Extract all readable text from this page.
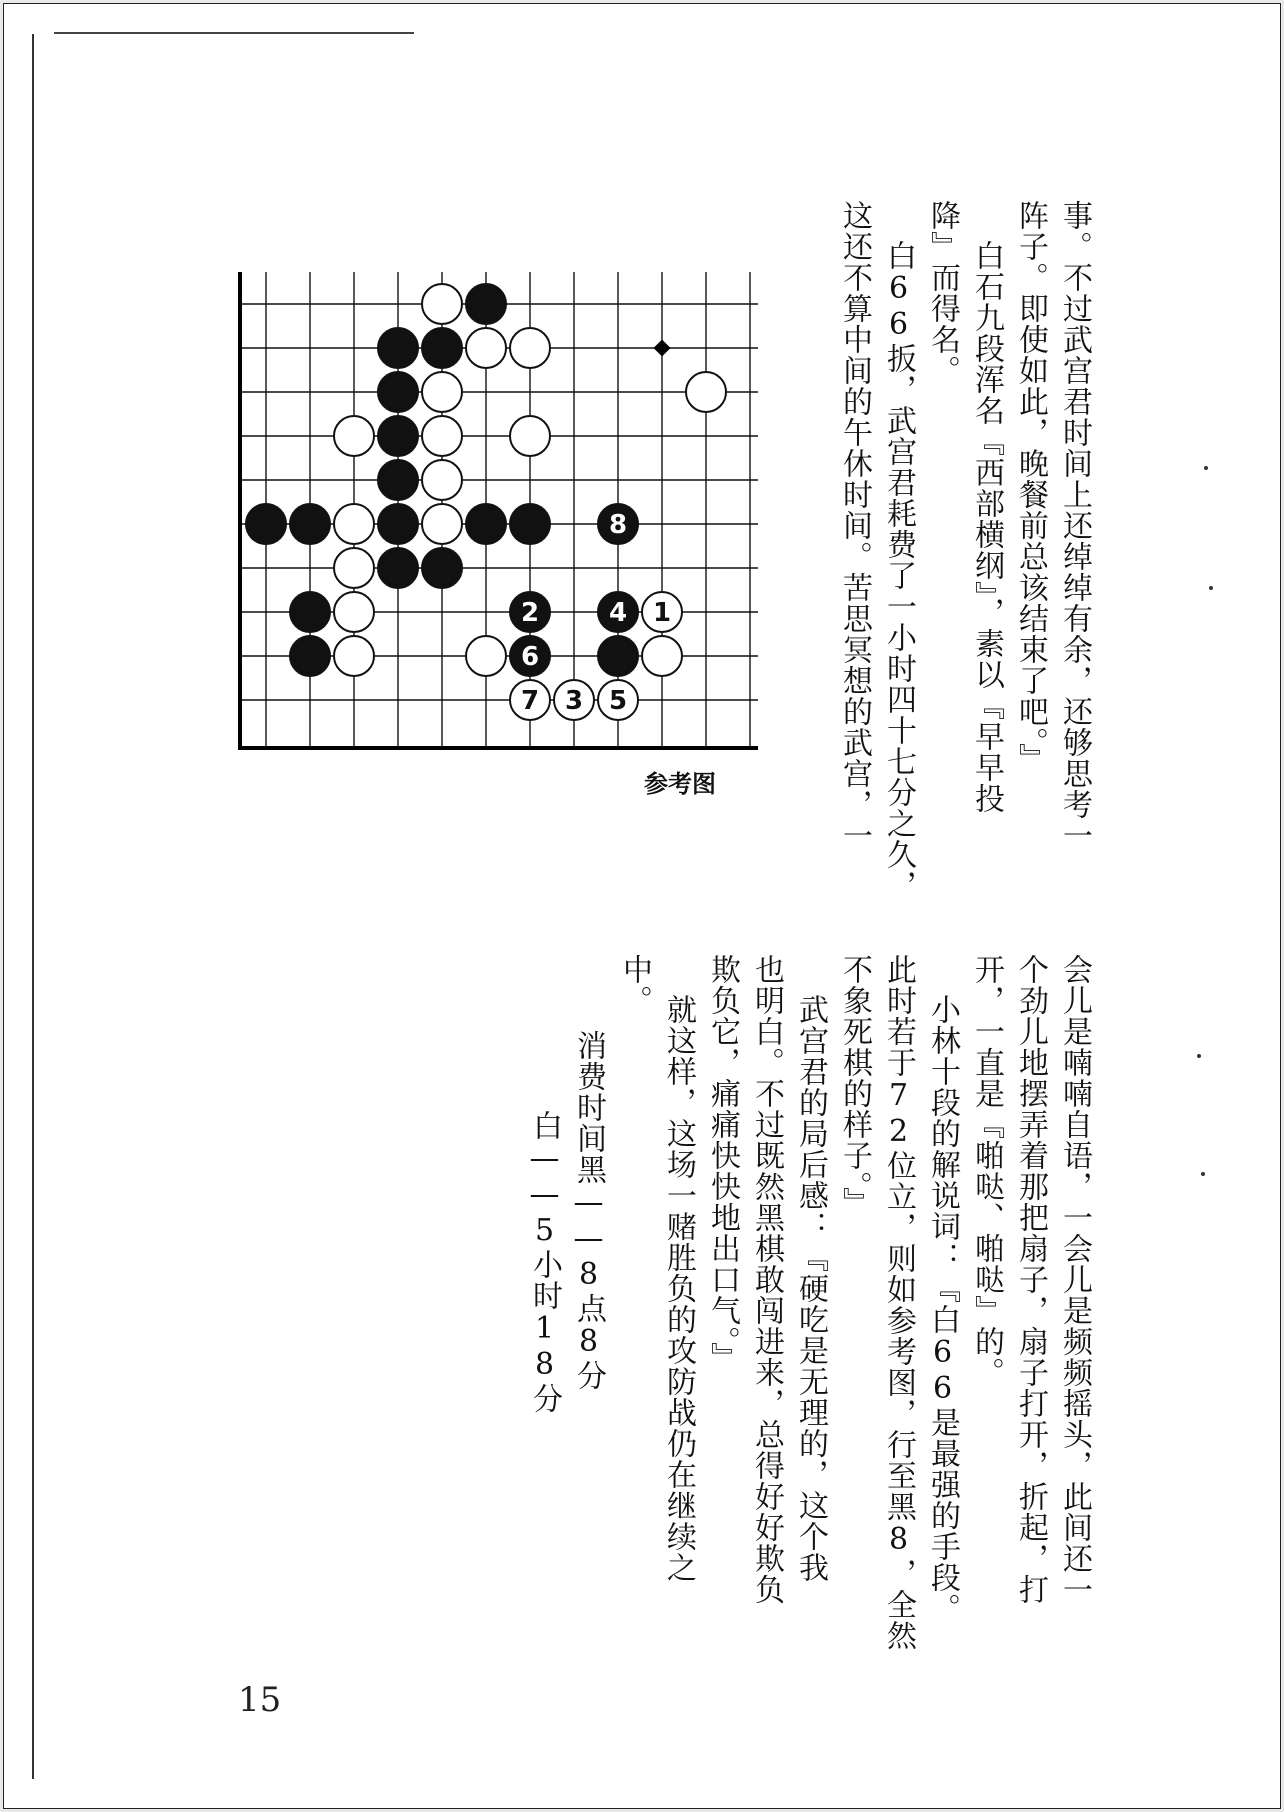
8
2	4 1
6
7 3 5
参考图	事。不过武宫君时间上还绰绰有余，还够思考一
阵子。即使如此，晚餐前总该结束了吧。』
白石九段浑名『西部横纲』，素以『早早投
降』而得名。
白66扳，武宫君耗费了一小时四十七分之久，
这还不算中间的午休时间。苦思冥想的武宫，一
会儿是喃喃自语，一会儿是频频摇头，此间还一
个劲儿地摆弄着那把扇子，扇子打开，折起，打
开，一直是『啪哒、啪哒』的。
小林十段的解说词：『白66是最强的手段。
此时若于72位立，则如参考图，行至黑8，全然
不象死棋的样子。』
武宫君的局后感：『硬吃是无理的，这个我
也明白。不过既然黑棋敢闯进来，总得好好欺负
欺负它，痛痛快快地出口气。』
就这样，这场一赌胜负的攻防战仍在继续之
中。
消费时间黑——8点8分
白——5小时18分
15
